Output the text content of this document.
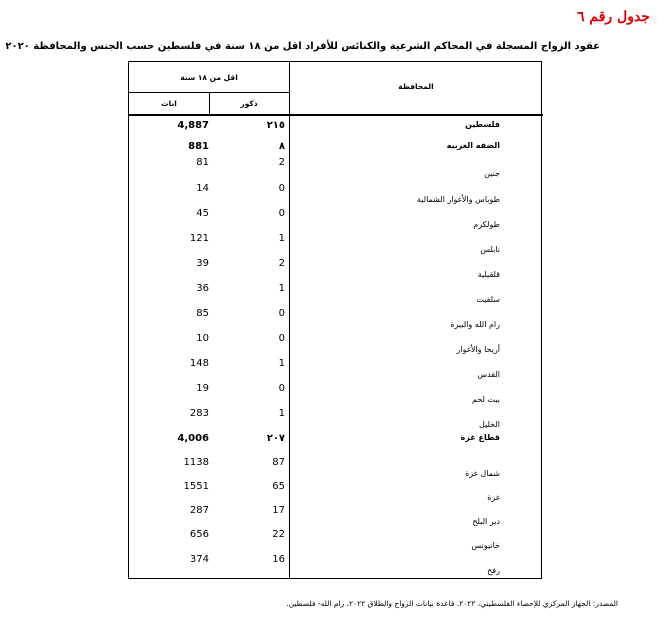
جدول رقم ٦
عقود الزواج المسجلة في المحاكم الشرعية والكنائس للأفراد اقل من ١٨ سنة في فلسطين حسب الجنس والمحافظة ٢٠٢٠
المحافظة
اقل من ١٨ سنة
ذكور
اناث
فلسطين
٢١٥
4,887
الضفه الغربيه
٨
881
جنين
2
81
طوباس والأغوار الشمالية
0
14
طولكرم
0
45
نابلس
1
121
قلقيلية
2
39
سلفيت
1
36
رام الله والبيرة
0
85
أريحا والأغوار
0
10
القدس
1
148
بيت لحم
0
19
الخليل
1
283
قطاع غزة
٢٠٧
4,006
شمال غزة
87
1138
غزة
65
1551
دير البلح
17
287
خانيونس
22
656
رفح
16
374
المصدر: الجهاز المركزي للإحصاء الفلسطيني، ٢٠٢٢. قاعدة بيانات الزواج والطلاق ٢٠٢٢، رام الله- فلسطين.
